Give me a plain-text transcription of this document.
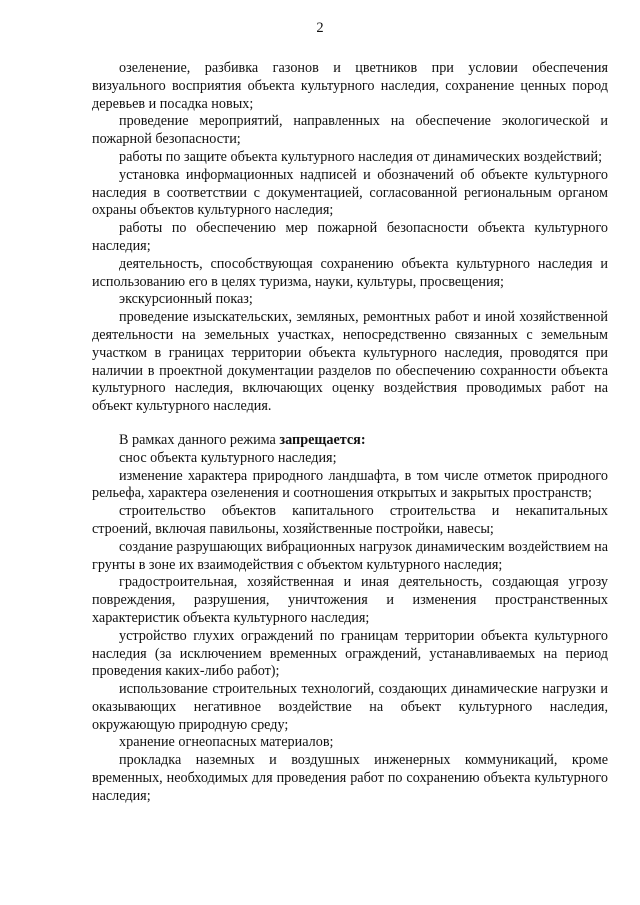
2

озеленение, разбивка газонов и цветников при условии обеспечения визуального восприятия объекта культурного наследия, сохранение ценных пород деревьев и посадка новых;

проведение мероприятий, направленных на обеспечение экологической и пожарной безопасности;

работы по защите объекта культурного наследия от динамических воздействий;

установка информационных надписей и обозначений об объекте культурного наследия в соответствии с документацией, согласованной региональным органом охраны объектов культурного наследия;

работы по обеспечению мер пожарной безопасности объекта культурного наследия;

деятельность, способствующая сохранению объекта культурного наследия и использованию его в целях туризма, науки, культуры, просвещения;

экскурсионный показ;

проведение изыскательских, земляных, ремонтных работ и иной хозяйственной деятельности на земельных участках, непосредственно связанных с земельным участком в границах территории объекта культурного наследия, проводятся при наличии в проектной документации разделов по обеспечению сохранности объекта культурного наследия, включающих оценку воздействия проводимых работ на объект культурного наследия.

В рамках данного режима запрещается:

снос объекта культурного наследия;

изменение характера природного ландшафта, в том числе отметок природного рельефа, характера озеленения и соотношения открытых и закрытых пространств;

строительство объектов капитального строительства и некапитальных строений, включая павильоны, хозяйственные постройки, навесы;

создание разрушающих вибрационных нагрузок динамическим воздействием на грунты в зоне их взаимодействия с объектом культурного наследия;

градостроительная, хозяйственная и иная деятельность, создающая угрозу повреждения, разрушения, уничтожения и изменения пространственных характеристик объекта культурного наследия;

устройство глухих ограждений по границам территории объекта культурного наследия (за исключением временных ограждений, устанавливаемых на период проведения каких-либо работ);

использование строительных технологий, создающих динамические нагрузки и оказывающих негативное воздействие на объект культурного наследия, окружающую природную среду;

хранение огнеопасных материалов;

прокладка наземных и воздушных инженерных коммуникаций, кроме временных, необходимых для проведения работ по сохранению объекта культурного наследия;
